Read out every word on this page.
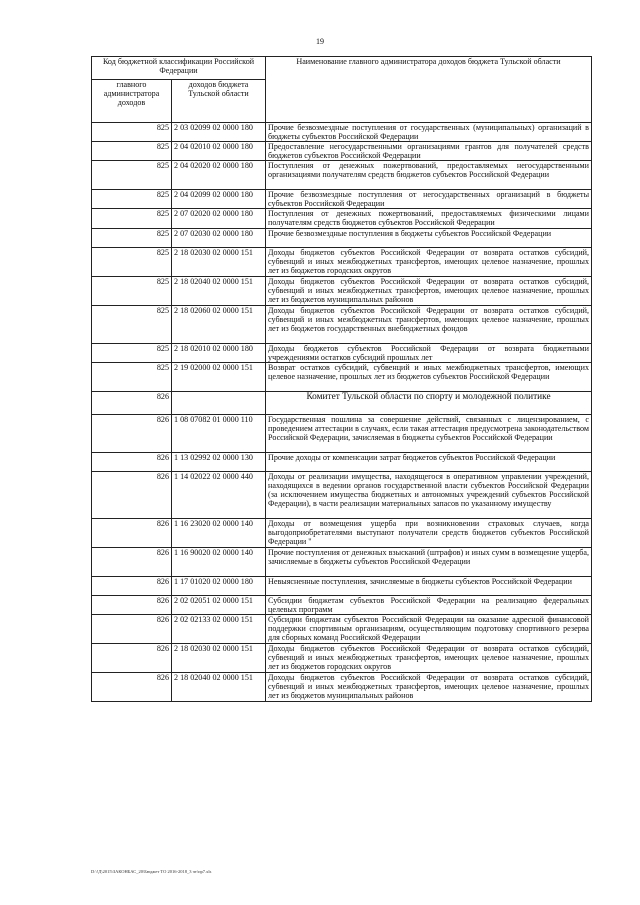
19
Код бюджетной классификации Российской Федерации		Наименование главного администратора доходов бюджета Тульской области
главного администратора доходов	доходов бюджета Тульской области	
825	2 03 02099 02 0000 180	Прочие безвозмездные поступления от государственных (муниципальных) организаций в бюджеты субъектов Российской Федерации
825	2 04 02010 02 0000 180	Предоставление негосударственными организациями грантов для получателей средств бюджетов субъектов Российской Федерации
825	2 04 02020 02 0000 180	Поступления от денежных пожертвований, предоставляемых негосударственными организациями получателям средств бюджетов субъектов Российской Федерации
825	2 04 02099 02 0000 180	Прочие безвозмездные поступления от негосударственных организаций в бюджеты субъектов Российской Федерации
825	2 07 02020 02 0000 180	Поступления от денежных пожертвований, предоставляемых физическими лицами получателям средств бюджетов субъектов Российской Федерации
825	2 07 02030 02 0000 180	Прочие безвозмездные поступления в бюджеты субъектов Российской Федерации
825	2 18 02030 02 0000 151	Доходы бюджетов субъектов Российской Федерации от возврата остатков субсидий, субвенций и иных межбюджетных трансфертов, имеющих целевое назначение, прошлых лет из бюджетов городских округов
825	2 18 02040 02 0000 151	Доходы бюджетов субъектов Российской Федерации от возврата остатков субсидий, субвенций и иных межбюджетных трансфертов, имеющих целевое назначение, прошлых лет из бюджетов муниципальных районов
825	2 18 02060 02 0000 151	Доходы бюджетов субъектов Российской Федерации от возврата остатков субсидий, субвенций и иных межбюджетных трансфертов, имеющих целевое назначение, прошлых лет из бюджетов государственных внебюджетных фондов
825	2 18 02010 02 0000 180	Доходы бюджетов субъектов Российской Федерации от возврата бюджетными учреждениями остатков субсидий прошлых лет
825	2 19 02000 02 0000 151	Возврат остатков субсидий, субвенций и иных межбюджетных трансфертов, имеющих целевое назначение, прошлых лет из бюджетов субъектов Российской Федерации
826		Комитет Тульской области по спорту и молодежной политике
826	1 08 07082 01 0000 110	Государственная пошлина за совершение действий, связанных с лицензированием, с проведением аттестации в случаях, если такая аттестация предусмотрена законодательством Российской Федерации, зачисляемая в бюджеты субъектов Российской Федерации
826	1 13 02992 02 0000 130	Прочие доходы от компенсации затрат бюджетов субъектов Российской Федерации
826	1 14 02022 02 0000 440	Доходы от реализации имущества, находящегося в оперативном управлении учреждений, находящихся в ведении органов государственной власти субъектов Российской Федерации (за исключением имущества бюджетных и автономных учреждений субъектов Российской Федерации), в части реализации материальных запасов по указанному имуществу
826	1 16 23020 02 0000 140	Доходы от возмещения ущерба при возникновении страховых случаев, когда выгодоприобретателями выступают получатели средств бюджетов субъектов Российской Федерации "
826	1 16 90020 02 0000 140	Прочие поступления от денежных взысканий (штрафов) и иных сумм в возмещение ущерба, зачисляемые в бюджеты субъектов Российской Федерации
826	1 17 01020 02 0000 180	Невыясненные поступления, зачисляемые в бюджеты субъектов Российской Федерации
826	2 02 02051 02 0000 151	Субсидии бюджетам субъектов Российской Федерации на реализацию федеральных целевых программ
826	2 02 02133 02 0000 151	Субсидии бюджетам субъектов Российской Федерации на оказание адресной финансовой поддержки спортивным организациям, осуществляющим подготовку спортивного резерва для сборных команд Российской Федерации
826	2 18 02030 02 0000 151	Доходы бюджетов субъектов Российской Федерации от возврата остатков субсидий, субвенций и иных межбюджетных трансфертов, имеющих целевое назначение, прошлых лет из бюджетов городских округов
826	2 18 02040 02 0000 151	Доходы бюджетов субъектов Российской Федерации от возврата остатков субсидий, субвенций и иных межбюджетных трансфертов, имеющих целевое назначение, прошлых лет из бюджетов муниципальных районов
D:\!Д\2015\ЗАКОНБАС_20\Бюджет ТО 2016-2018_3 чт\пр7.xls
